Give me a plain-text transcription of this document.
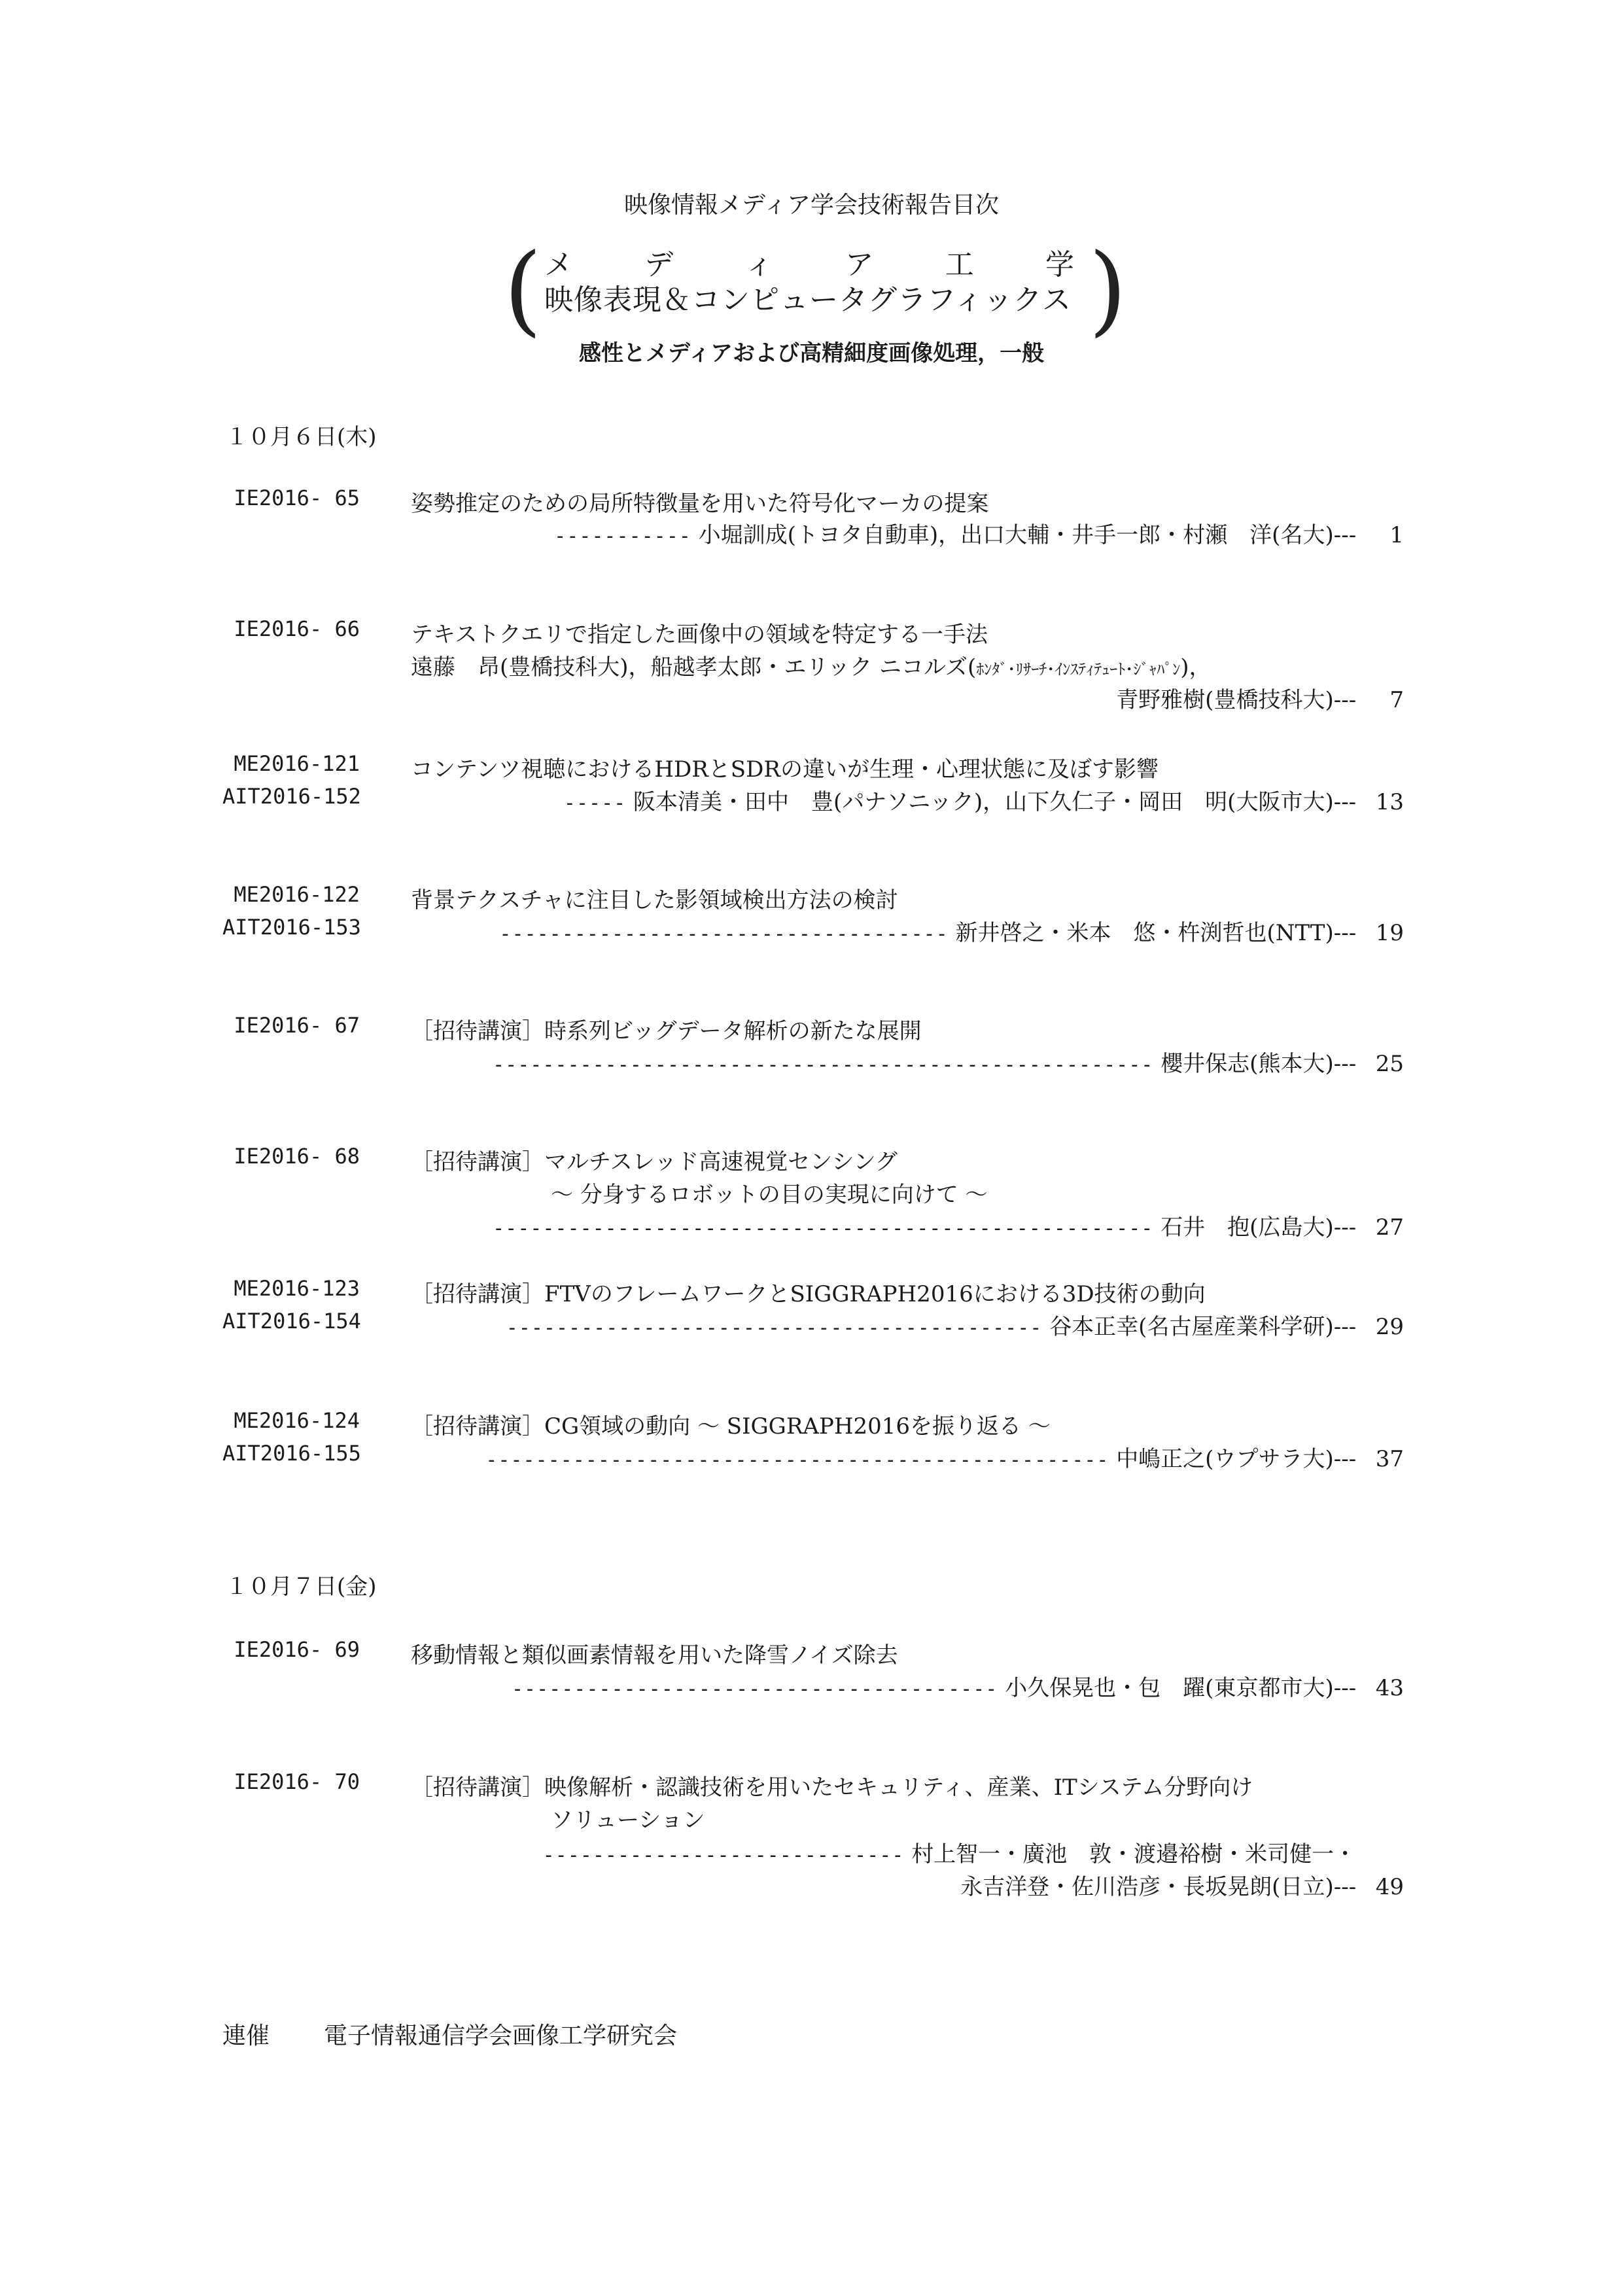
映像情報メディア学会技術報告目次
(	)
メ デ ィ ア 工 学
映像表現＆コンピュータグラフィックス
感性とメディアおよび高精細度画像処理，一般
１０月６日(木)
IE2016- 65 姿勢推定のための局所特徴量を用いた符号化マーカの提案
----------- 小堀訓成(トヨタ自動車)，出口大輔・井手一郎・村瀬　洋(名大)--- 1
IE2016- 66 テキストクエリで指定した画像中の領域を特定する一手法
遠藤　昂(豊橋技科大)，船越孝太郎・エリック ニコルズ(ﾎﾝﾀﾞ･ﾘｻｰﾁ･ｲﾝｽﾃｨﾃｭｰﾄ･ｼﾞｬﾊﾟﾝ)，
青野雅樹(豊橋技科大)--- 7
ME2016-121
AIT2016-152
コンテンツ視聴におけるHDRとSDRの違いが生理・心理状態に及ぼす影響
----- 阪本清美・田中　豊(パナソニック)，山下久仁子・岡田　明(大阪市大)--- 13
ME2016-122
AIT2016-153
背景テクスチャに注目した影領域検出方法の検討
------------------------------------ 新井啓之・米本　悠・杵渕哲也(NTT)--- 19
IE2016- 67 ［招待講演］時系列ビッグデータ解析の新たな展開
----------------------------------------------------- 櫻井保志(熊本大)--- 25
IE2016- 68 ［招待講演］マルチスレッド高速視覚センシング
～ 分身するロボットの目の実現に向けて ～
----------------------------------------------------- 石井　抱(広島大)--- 27
ME2016-123
AIT2016-154
［招待講演］FTVのフレームワークとSIGGRAPH2016における3D技術の動向
------------------------------------------- 谷本正幸(名古屋産業科学研)--- 29
ME2016-124
AIT2016-155
［招待講演］CG領域の動向 ～ SIGGRAPH2016を振り返る ～
-------------------------------------------------- 中嶋正之(ウプサラ大)--- 37
１０月７日(金)
IE2016- 69 移動情報と類似画素情報を用いた降雪ノイズ除去
--------------------------------------- 小久保晃也・包　躍(東京都市大)--- 43
IE2016- 70 ［招待講演］映像解析・認識技術を用いたセキュリティ、産業、ITシステム分野向け
ソリューション
----------------------------- 村上智一・廣池　敦・渡邉裕樹・米司健一・
永吉洋登・佐川浩彦・長坂晃朗(日立)--- 49
連催 電子情報通信学会画像工学研究会
